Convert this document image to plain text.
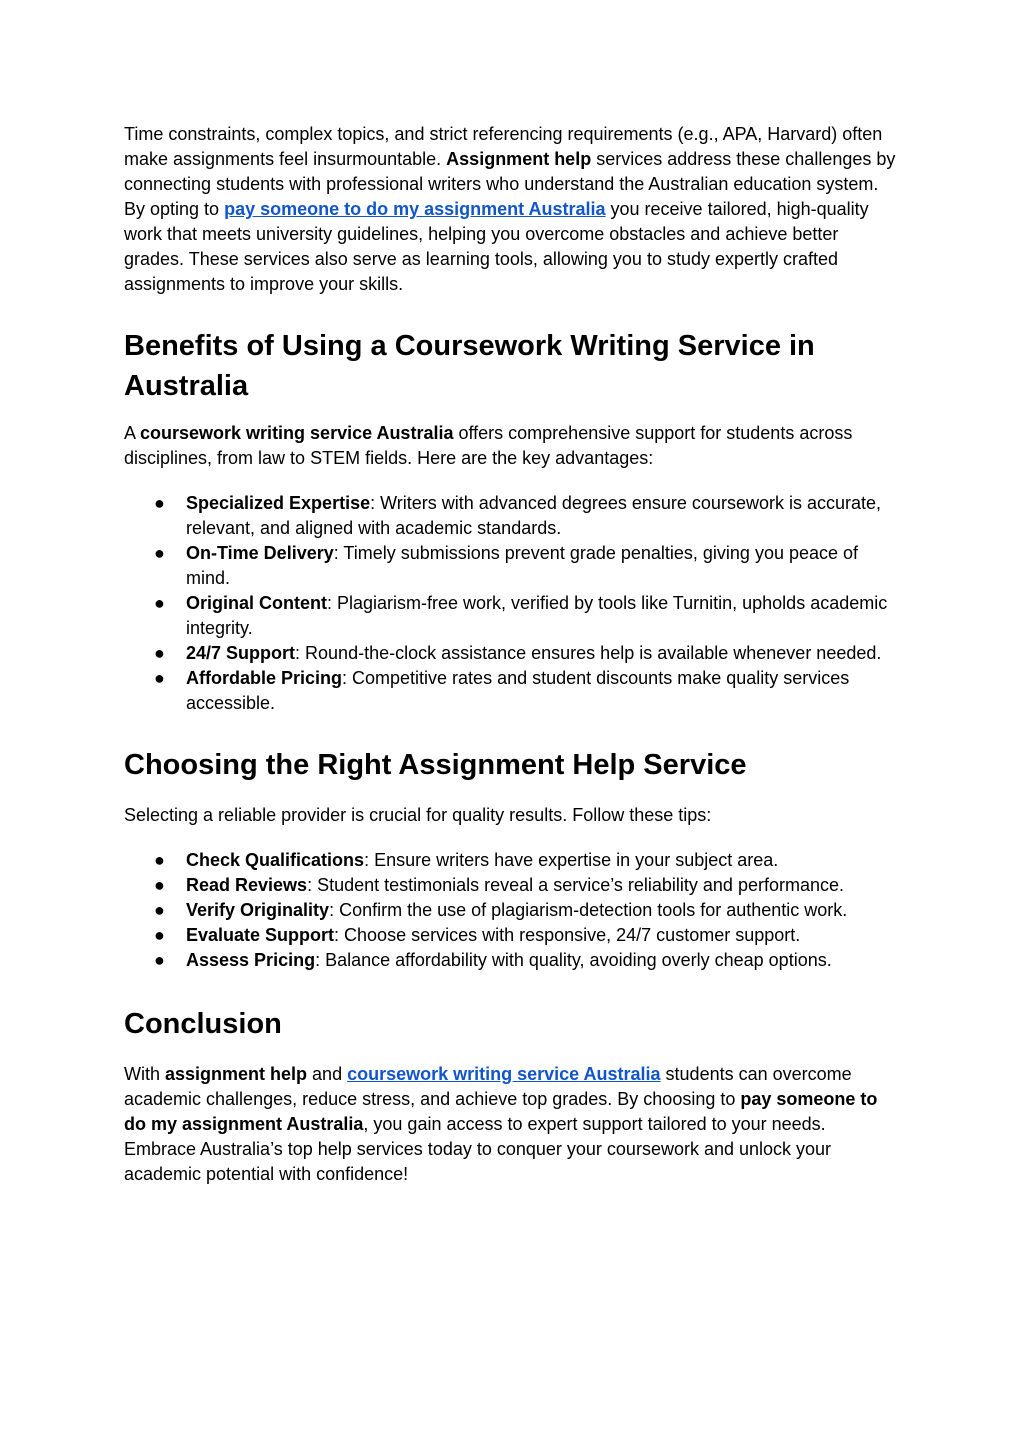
Time constraints, complex topics, and strict referencing requirements (e.g., APA, Harvard) often make assignments feel insurmountable. Assignment help services address these challenges by connecting students with professional writers who understand the Australian education system. By opting to pay someone to do my assignment Australia you receive tailored, high-quality work that meets university guidelines, helping you overcome obstacles and achieve better grades. These services also serve as learning tools, allowing you to study expertly crafted assignments to improve your skills.

Benefits of Using a Coursework Writing Service in Australia

A coursework writing service Australia offers comprehensive support for students across disciplines, from law to STEM fields. Here are the key advantages:

● Specialized Expertise: Writers with advanced degrees ensure coursework is accurate, relevant, and aligned with academic standards.
● On-Time Delivery: Timely submissions prevent grade penalties, giving you peace of mind.
● Original Content: Plagiarism-free work, verified by tools like Turnitin, upholds academic integrity.
● 24/7 Support: Round-the-clock assistance ensures help is available whenever needed.
● Affordable Pricing: Competitive rates and student discounts make quality services accessible.
Choosing the Right Assignment Help Service

Selecting a reliable provider is crucial for quality results. Follow these tips:

● Check Qualifications: Ensure writers have expertise in your subject area.
● Read Reviews: Student testimonials reveal a service’s reliability and performance.
● Verify Originality: Confirm the use of plagiarism-detection tools for authentic work.
● Evaluate Support: Choose services with responsive, 24/7 customer support.
● Assess Pricing: Balance affordability with quality, avoiding overly cheap options.
Conclusion

With assignment help and coursework writing service Australia students can overcome academic challenges, reduce stress, and achieve top grades. By choosing to pay someone to do my assignment Australia, you gain access to expert support tailored to your needs. Embrace Australia’s top help services today to conquer your coursework and unlock your academic potential with confidence!
